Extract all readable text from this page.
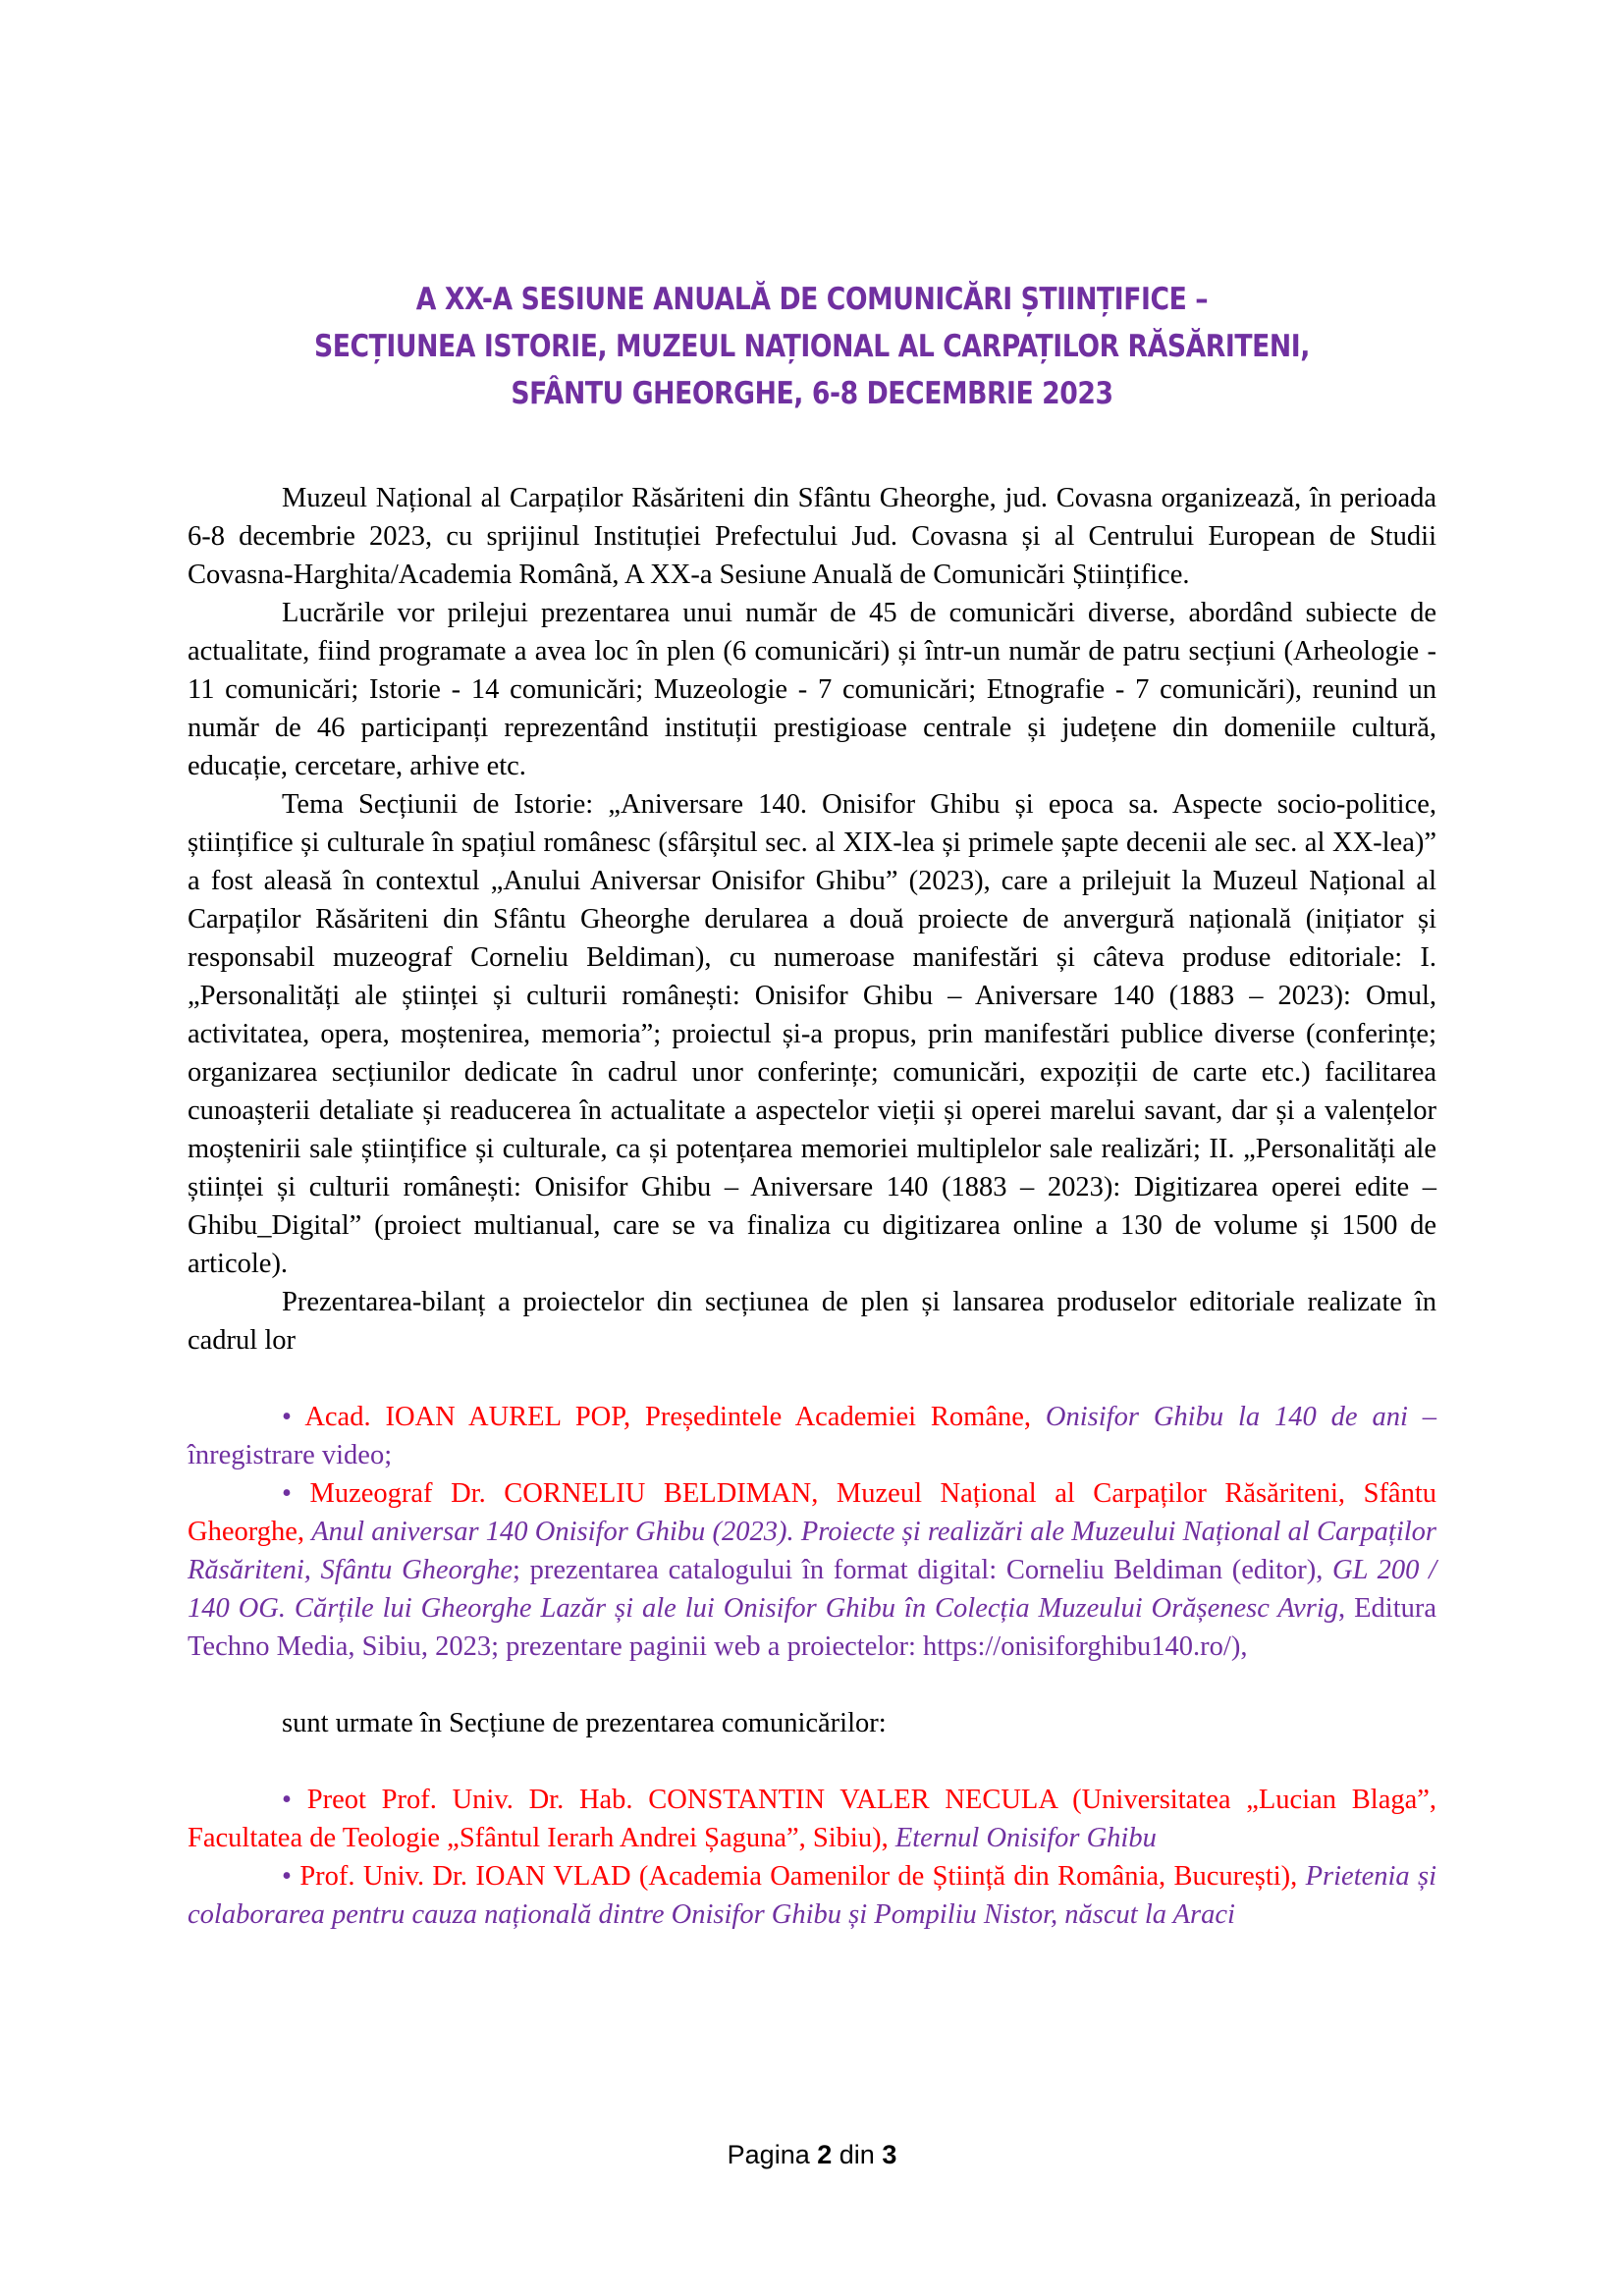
A XX-A SESIUNE ANUALĂ DE COMUNICĂRI ȘTIINȚIFICE –
SECȚIUNEA ISTORIE, MUZEUL NAȚIONAL AL CARPAȚILOR RĂSĂRITENI,
SFÂNTU GHEORGHE, 6-8 DECEMBRIE 2023

Muzeul Național al Carpaților Răsăriteni din Sfântu Gheorghe, jud. Covasna organizează, în perioada 6-8 decembrie 2023, cu sprijinul Instituției Prefectului Jud. Covasna și al Centrului European de Studii Covasna-Harghita/Academia Română, A XX-a Sesiune Anuală de Comunicări Științifice.

Lucrările vor prilejui prezentarea unui număr de 45 de comunicări diverse, abordând subiecte de actualitate, fiind programate a avea loc în plen (6 comunicări) și într-un număr de patru secțiuni (Arheologie - 11 comunicări; Istorie - 14 comunicări; Muzeologie - 7 comunicări; Etnografie - 7 comunicări), reunind un număr de 46 participanți reprezentând instituții prestigioase centrale și județene din domeniile cultură, educație, cercetare, arhive etc.

Tema Secțiunii de Istorie: „Aniversare 140. Onisifor Ghibu și epoca sa. Aspecte socio-politice, științifice și culturale în spațiul românesc (sfârșitul sec. al XIX-lea și primele șapte decenii ale sec. al XX-lea)” a fost aleasă în contextul „Anului Aniversar Onisifor Ghibu” (2023), care a prilejuit la Muzeul Național al Carpaților Răsăriteni din Sfântu Gheorghe derularea a două proiecte de anvergură națională (inițiator și responsabil muzeograf Corneliu Beldiman), cu numeroase manifestări și câteva produse editoriale: I. „Personalități ale științei și culturii românești: Onisifor Ghibu – Aniversare 140 (1883 – 2023): Omul, activitatea, opera, moștenirea, memoria”; proiectul și-a propus, prin manifestări publice diverse (conferințe; organizarea secțiunilor dedicate în cadrul unor conferințe; comunicări, expoziții de carte etc.) facilitarea cunoașterii detaliate și readucerea în actualitate a aspectelor vieții și operei marelui savant, dar și a valențelor moștenirii sale științifice și culturale, ca și potențarea memoriei multiplelor sale realizări; II. „Personalități ale științei și culturii românești: Onisifor Ghibu – Aniversare 140 (1883 – 2023): Digitizarea operei edite – Ghibu_Digital” (proiect multianual, care se va finaliza cu digitizarea online a 130 de volume și 1500 de articole).

Prezentarea-bilanț a proiectelor din secțiunea de plen și lansarea produselor editoriale realizate în cadrul lor

• Acad. IOAN AUREL POP, Președintele Academiei Române, Onisifor Ghibu la 140 de ani – înregistrare video;

• Muzeograf Dr. CORNELIU BELDIMAN, Muzeul Național al Carpaților Răsăriteni, Sfântu Gheorghe, Anul aniversar 140 Onisifor Ghibu (2023). Proiecte și realizări ale Muzeului Național al Carpaților Răsăriteni, Sfântu Gheorghe; prezentarea catalogului în format digital: Corneliu Beldiman (editor), GL 200 / 140 OG. Cărțile lui Gheorghe Lazăr și ale lui Onisifor Ghibu în Colecția Muzeului Orășenesc Avrig, Editura Techno Media, Sibiu, 2023; prezentare paginii web a proiectelor: https://onisiforghibu140.ro/),

sunt urmate în Secțiune de prezentarea comunicărilor:

• Preot Prof. Univ. Dr. Hab. CONSTANTIN VALER NECULA (Universitatea „Lucian Blaga”, Facultatea de Teologie „Sfântul Ierarh Andrei Șaguna”, Sibiu), Eternul Onisifor Ghibu

• Prof. Univ. Dr. IOAN VLAD (Academia Oamenilor de Știință din România, București), Prietenia și colaborarea pentru cauza națională dintre Onisifor Ghibu și Pompiliu Nistor, născut la Araci

Pagina 2 din 3
